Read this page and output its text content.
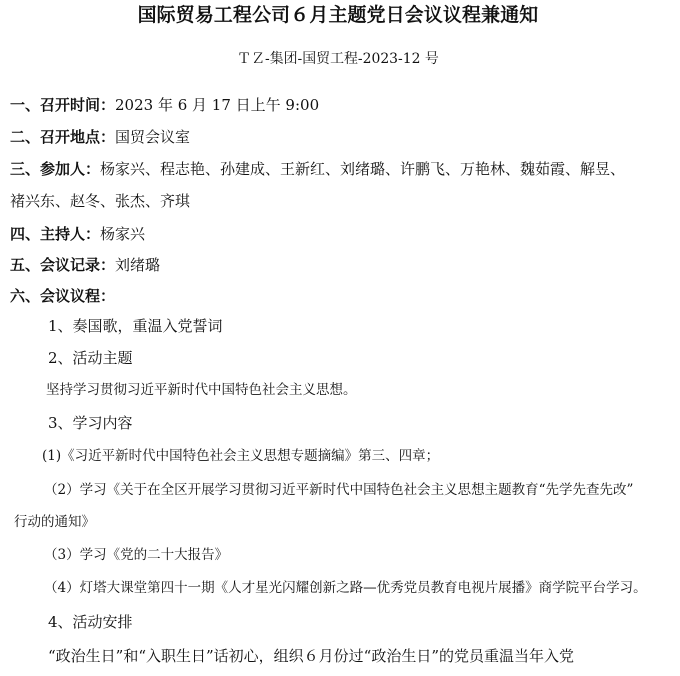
国际贸易工程公司６月主题党日会议议程兼通知
ＴＺ-集团-国贸工程-2023-12 号
一、召开时间：2023 年 6 月 17 日上午 9:00
二、召开地点：国贸会议室
三、参加人：杨家兴、程志艳、孙建成、王新红、刘绪璐、许鹏飞、万艳林、魏茹霞、解昱、
褚兴东、赵冬、张杰、齐琪
四、主持人：杨家兴
五、会议记录：刘绪璐
六、会议议程：
1、奏国歌，重温入党誓词
2、活动主题
坚持学习贯彻习近平新时代中国特色社会主义思想。
3、学习内容
(1)《习近平新时代中国特色社会主义思想专题摘编》第三、四章；
（2）学习《关于在全区开展学习贯彻习近平新时代中国特色社会主义思想主题教育“先学先查先改”
行动的通知》
（3）学习《党的二十大报告》
（4）灯塔大课堂第四十一期《人才星光闪耀创新之路—优秀党员教育电视片展播》商学院平台学习。
4、活动安排
“政治生日”和“入职生日”话初心，组织６月份过“政治生日”的党员重温当年入党
